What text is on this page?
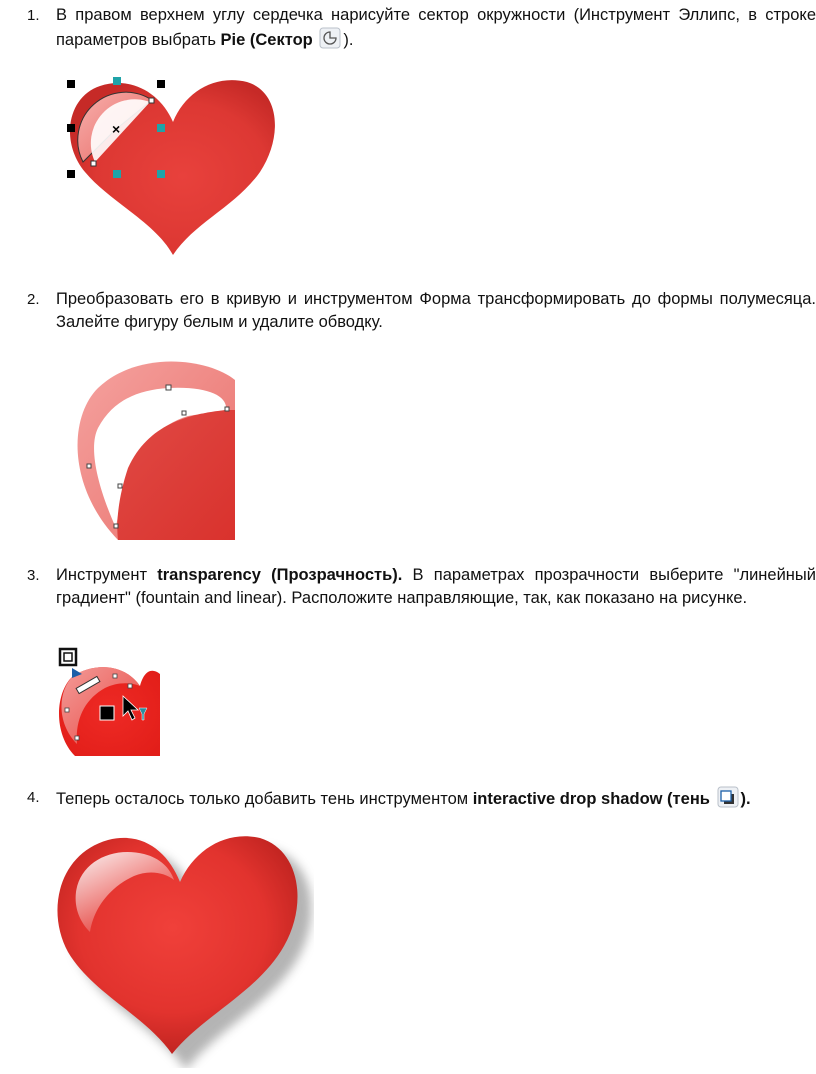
1. В правом верхнем углу сердечка нарисуйте сектор окружности (Инструмент Эллипс, в строке параметров выбрать Pie (Сектор ).
×
2. Преобразовать его в кривую и инструментом Форма трансформировать до формы полумесяца. Залейте фигуру белым и удалите обводку.
3. Инструмент transparency (Прозрачность). В параметрах прозрачности выберите "линейный градиент" (fountain and linear). Расположите направляющие, так, как показано на рисунке.
4. Теперь осталось только добавить тень инструментом interactive drop shadow (тень ).
